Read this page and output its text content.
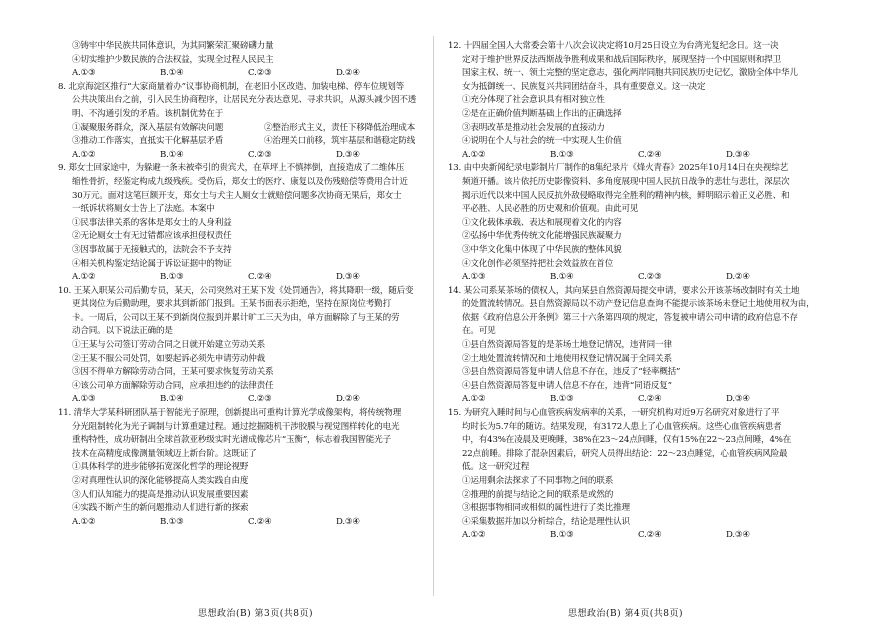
③铸牢中华民族共同体意识，为其同繁荣汇聚磅礴力量
④切实维护少数民族的合法权益，实现全过程人民民主
A.①③	B.①④	C.②③	D.②④
8. 北京海淀区推行“大家商量着办”议事协商机制，在老旧小区改造、加装电梯、停车位规划等
公共决策出台之前，引入民生协商程序，让居民充分表达意见、寻求共识，从源头减少因不透
明、不沟通引发的矛盾。该机制优势在于
①凝聚服务群众，深入基层有效解决问题	②整治形式主义，责任下移降低治理成本
③推动工作落实，直抵实干化解基层矛盾	④治理关口前移，筑牢基层和谐稳定防线
A.①②	B.①④	C.②③	D.③④
9. 郑女士回家途中，为躲避一条未被牵引的贵宾犬，在草坪上不慎摔倒，直接造成了二维体压
缩性骨折，经鉴定构成九级残疾。受伤后，郑女士的医疗、康复以及伤残赔偿等费用合计近
30万元。面对这笔巨额开支，郑女士与犬主人厕女士就赔偿问题多次协商无果后，郑女士
一纸诉状将厕女士告上了法庭。本案中
①民事法律关系的客体是郑女士的人身利益
②无论厕女士有无过错都应该承担侵权责任
③因事故属于无接触式的，法院会不予支持
④相关机构鉴定结论属于诉讼证据中的物证
A.①②	B.①③	C.②④	D.③④
10. 王某入职某公司后勤专员，某天，公司突然对王某下发《处罚通告》，将其降职一级，随后变
更其岗位为后勤助理，要求其到新部门报到。王某书面表示拒绝，坚持在原岗位考勤打
卡。一周后，公司以王某不到新岗位报到并累计旷工三天为由，单方面解除了与王某的劳
动合同。以下说法正确的是
①王某与公司签订劳动合同之日就开始建立劳动关系
②王某不服公司处罚，如要起诉必须先申请劳动仲裁
③因不得单方解除劳动合同，王某可要求恢复劳动关系
④该公司单方面解除劳动合同，应承担违约的法律责任
A.①③	B.①④	C.②③	D.②④
11. 清华大学某科研团队基于智能光子原理，创新提出可重构计算光学成像架构，将传统物理
分光阻制转化为光子调制与计算重建过程。通过挖掘随机干涉胶膜与视觉图样转化的电光
重构特性，成功研制出全球首款亚秒级实时光谱成像芯片“玉衡”，标志着我国智能光子
技术在高精度成像测量领域迈上新台阶。这既证了
①具体科学的进步能够拓宽深化哲学的理论视野
②对真理性认识的深化能够提高人类实践自由度
③人们认知能力的提高是推动认识发展重要因素
④实践不断产生的新问题推动人们进行新的探索
A.①②	B.①③	C.②④	D.③④
12. 十四届全国人大常委会第十八次会议决定将10月25日设立为台湾光复纪念日。这一决
定对于维护世界反法西斯战争胜利成果和战后国际秩序，展现坚持一个中国原则和捍卫
国家主权、统一、领土完整的坚定意志，强化两岸同胞共同民族历史记忆，激励全体中华儿
女为抵御统一、民族复兴共同团结奋斗，具有重要意义。这一决定
①充分体现了社会意识具有相对独立性
②是在正确价值判断基础上作出的正确选择
③表明改革是推动社会发展的直接动力
④说明在个人与社会的统一中实现人生价值
A.①②	B.①③	C.②④	D.③④
13. 由中央新闻纪录电影制片厂制作的8集纪录片《烽火青春》2025年10月14日在央视综艺
频道开播。该片依托历史影像资料、多角度展现中国人民抗日战争的悲壮与悲壮，深层次
揭示近代以来中国人民反抗外敌侵略取得完全胜利的精神内核，鲜明昭示着正义必胜、和
平必胜、人民必胜的历史观和价值观。由此可见
①文化载体承载、表达和展现着文化的内容
②弘扬中华优秀传统文化能增强民族凝聚力
③中华文化集中体现了中华民族的整体风貌
④文化创作必须坚持把社会效益放在首位
A.①③	B.①④	C.②③	D.②④
14. 某公司系某茶场的债权人，其向某县自然资源局提交申请，要求公开该茶场改制时有关土地
的处置流转情况。县自然资源局以不动产登记信息查询不能提示该茶场未登记土地使用权为由，
依据《政府信息公开条例》第三十六条第四项的规定，答复被申请公司申请的政府信息不存
在。可见
①县自然资源局答复的是茶场土地登记情况，违背同一律
②土地处置流转情况和土地使用权登记情况属于全同关系
③县自然资源局答复申请人信息不存在，违反了“轻率概括”
④县自然资源局答复申请人信息不存在，违背“同语反复”
A.①②	B.①③	C.②④	D.③④
15. 为研究入睡时间与心血管疾病发病率的关系，一研究机构对近9万名研究对象进行了平
均时长为5.7年的随访。结果发现，有3172人患上了心血管疾病。这些心血管疾病患者
中，有43%在凌晨及更晚睡，38%在23～24点间睡，仅有15%在22～23点间睡，4%在
22点前睡。排除了混杂因素后，研究人员得出结论：22～23点睡觉，心血管疾病风险最
低。这一研究过程
①运用剩余法探求了不同事物之间的联系
②推理的前提与结论之间的联系是或然的
③根据事物相同或相似的属性进行了类比推理
④采集数据并加以分析综合，结论是理性认识
A.①②	B.①③	C.②④	D.③④
思想政治(B) 第3页(共8页)	思想政治(B) 第4页(共8页)
